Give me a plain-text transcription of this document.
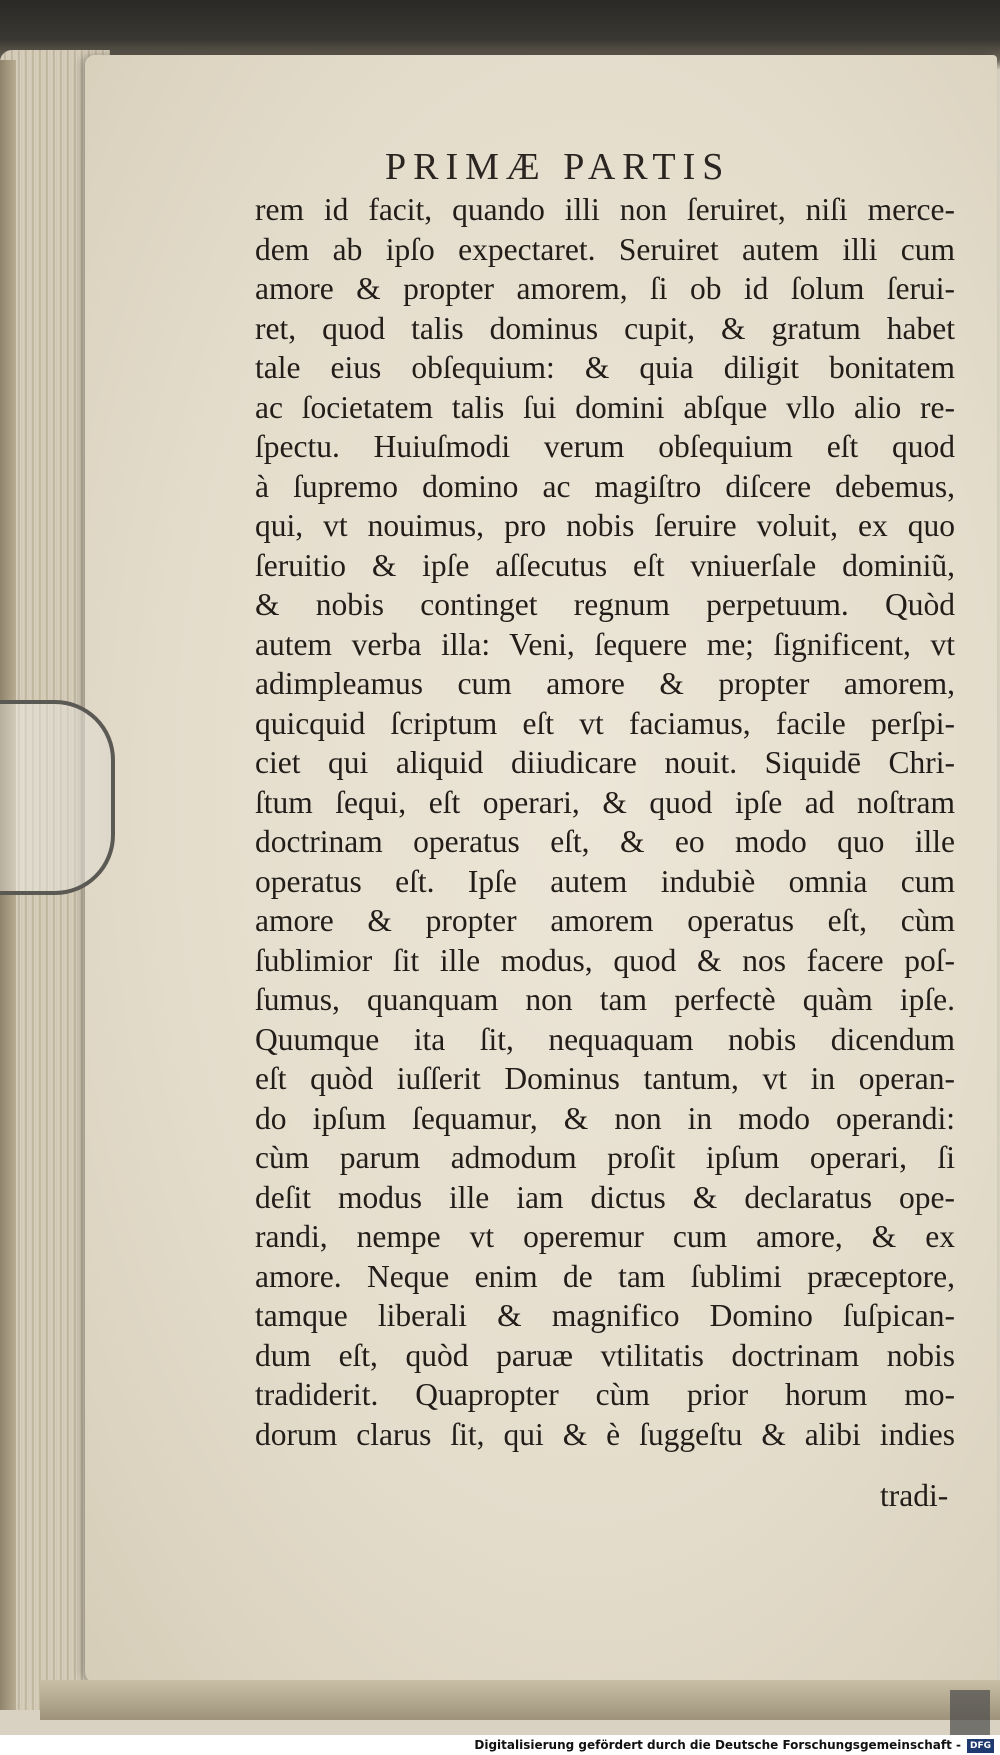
PRIMÆ PARTIS
rem id facit, quando illi non ſeruiret, niſi merce-
dem ab ipſo expectaret. Seruiret autem illi cum
amore & propter amorem, ſi ob id ſolum ſerui-
ret, quod talis dominus cupit, & gratum habet
tale eius obſequium: & quia diligit bonitatem
ac ſocietatem talis ſui domini abſque vllo alio re-
ſpectu. Huiuſmodi verum obſequium eſt quod
à ſupremo domino ac magiſtro diſcere debemus,
qui, vt nouimus, pro nobis ſeruire voluit, ex quo
ſeruitio & ipſe aſſecutus eſt vniuerſale dominiũ,
& nobis continget regnum perpetuum. Quòd
autem verba illa: Veni, ſequere me; ſignificent, vt
adimpleamus cum amore & propter amorem,
quicquid ſcriptum eſt vt faciamus, facile perſpi-
ciet qui aliquid diiudicare nouit. Siquidē Chri-
ſtum ſequi, eſt operari, & quod ipſe ad noſtram
doctrinam operatus eſt, & eo modo quo ille
operatus eſt. Ipſe autem indubiè omnia cum
amore & propter amorem operatus eſt, cùm
ſublimior ſit ille modus, quod & nos facere poſ-
ſumus, quanquam non tam perfectè quàm ipſe.
Quumque ita ſit, nequaquam nobis dicendum
eſt quòd iuſſerit Dominus tantum, vt in operan-
do ipſum ſequamur, & non in modo operandi:
cùm parum admodum proſit ipſum operari, ſi
deſit modus ille iam dictus & declaratus ope-
randi, nempe vt operemur cum amore, & ex
amore. Neque enim de tam ſublimi præceptore,
tamque liberali & magnifico Domino ſuſpican-
dum eſt, quòd paruæ vtilitatis doctrinam nobis
tradiderit. Quapropter cùm prior horum mo-
dorum clarus ſit, qui & è ſuggeſtu & alibi indies
tradi-
Digitalisierung gefördert durch die Deutsche Forschungsgemeinschaft - DFG
